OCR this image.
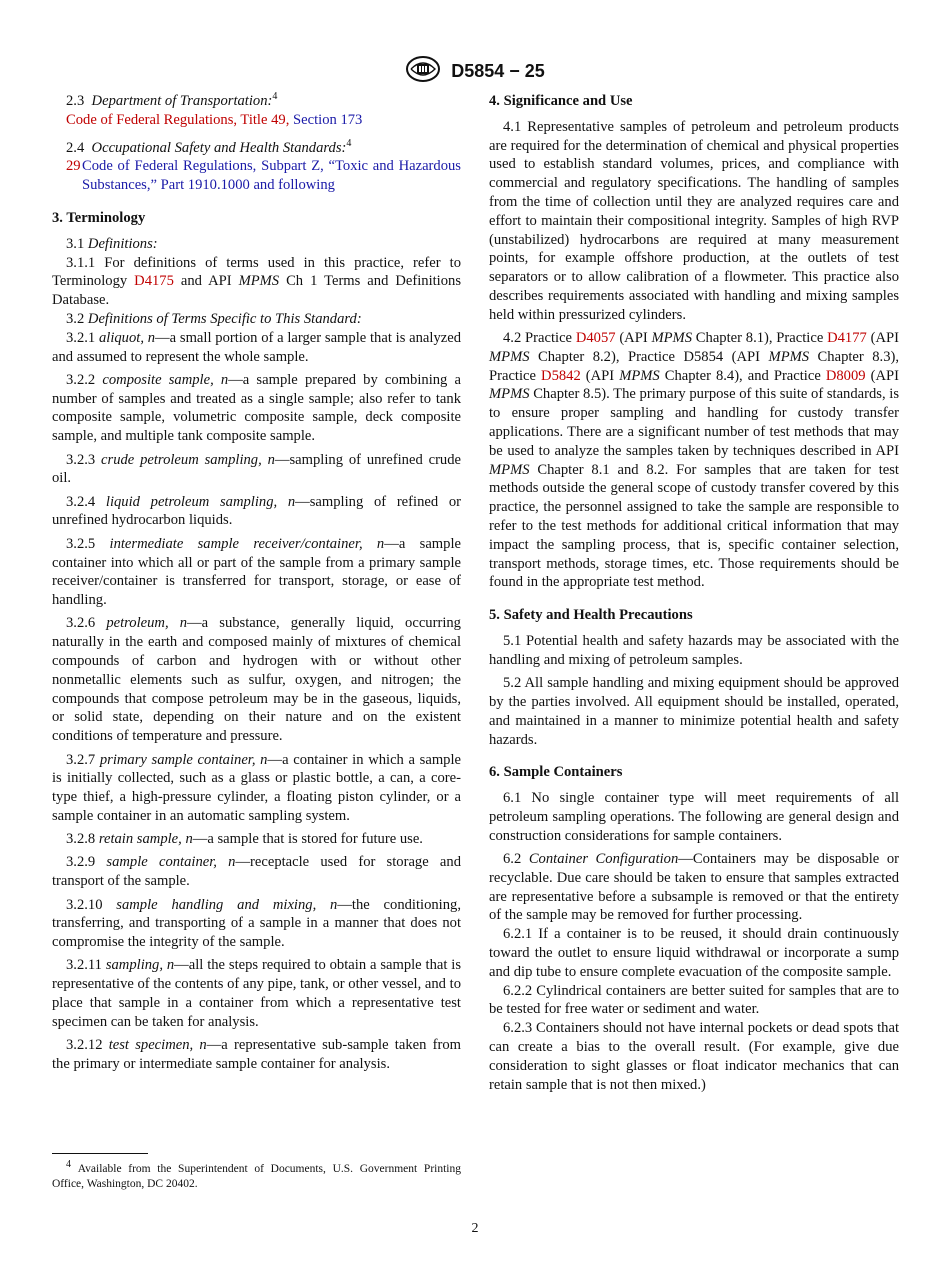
D5854 − 25

2.3 Department of Transportation:$^4$

Code of Federal Regulations, Title 49, Section 173

2.4 Occupational Safety and Health Standards:$^4$

29 Code of Federal Regulations, Subpart Z, “Toxic and Hazardous Substances,” Part 1910.1000 and following

3. Terminology

3.1 Definitions:

3.1.1 For definitions of terms used in this practice, refer to Terminology D4175 and API MPMS Ch 1 Terms and Definitions Database.

3.2 Definitions of Terms Specific to This Standard:

3.2.1 aliquot, n—a small portion of a larger sample that is analyzed and assumed to represent the whole sample.

3.2.2 composite sample, n—a sample prepared by combining a number of samples and treated as a single sample; also refer to tank composite sample, volumetric composite sample, deck composite sample, and multiple tank composite sample.

3.2.3 crude petroleum sampling, n—sampling of unrefined crude oil.

3.2.4 liquid petroleum sampling, n—sampling of refined or unrefined hydrocarbon liquids.

3.2.5 intermediate sample receiver/container, n—a sample container into which all or part of the sample from a primary sample receiver/container is transferred for transport, storage, or ease of handling.

3.2.6 petroleum, n—a substance, generally liquid, occurring naturally in the earth and composed mainly of mixtures of chemical compounds of carbon and hydrogen with or without other nonmetallic elements such as sulfur, oxygen, and nitrogen; the compounds that compose petroleum may be in the gaseous, liquids, or solid state, depending on their nature and on the existent conditions of temperature and pressure.

3.2.7 primary sample container, n—a container in which a sample is initially collected, such as a glass or plastic bottle, a can, a core-type thief, a high-pressure cylinder, a floating piston cylinder, or a sample container in an automatic sampling system.

3.2.8 retain sample, n—a sample that is stored for future use.

3.2.9 sample container, n—receptacle used for storage and transport of the sample.

3.2.10 sample handling and mixing, n—the conditioning, transferring, and transporting of a sample in a manner that does not compromise the integrity of the sample.

3.2.11 sampling, n—all the steps required to obtain a sample that is representative of the contents of any pipe, tank, or other vessel, and to place that sample in a container from which a representative test specimen can be taken for analysis.

3.2.12 test specimen, n—a representative sub-sample taken from the primary or intermediate sample container for analysis.

$^4$ Available from the Superintendent of Documents, U.S. Government Printing Office, Washington, DC 20402.

4. Significance and Use

4.1 Representative samples of petroleum and petroleum products are required for the determination of chemical and physical properties used to establish standard volumes, prices, and compliance with commercial and regulatory specifications. The handling of samples from the time of collection until they are analyzed requires care and effort to maintain their compositional integrity. Samples of high RVP (unstabilized) hydrocarbons are required at many measurement points, for example offshore production, at the outlets of test separators or to allow calibration of a flowmeter. This practice also describes requirements associated with handling and mixing samples held within pressurized cylinders.

4.2 Practice D4057 (API MPMS Chapter 8.1), Practice D4177 (API MPMS Chapter 8.2), Practice D5854 (API MPMS Chapter 8.3), Practice D5842 (API MPMS Chapter 8.4), and Practice D8009 (API MPMS Chapter 8.5). The primary purpose of this suite of standards, is to ensure proper sampling and handling for custody transfer applications. There are a significant number of test methods that may be used to analyze the samples taken by techniques described in API MPMS Chapter 8.1 and 8.2. For samples that are taken for test methods outside the general scope of custody transfer covered by this practice, the personnel assigned to take the sample are responsible to refer to the test methods for additional critical information that may impact the sampling process, that is, specific container selection, transport methods, storage times, etc. Those requirements should be found in the appropriate test method.

5. Safety and Health Precautions

5.1 Potential health and safety hazards may be associated with the handling and mixing of petroleum samples.

5.2 All sample handling and mixing equipment should be approved by the parties involved. All equipment should be installed, operated, and maintained in a manner to minimize potential health and safety hazards.

6. Sample Containers

6.1 No single container type will meet requirements of all petroleum sampling operations. The following are general design and construction considerations for sample containers.

6.2 Container Configuration—Containers may be disposable or recyclable. Due care should be taken to ensure that samples extracted are representative before a subsample is removed or that the entirety of the sample may be removed for further processing.

6.2.1 If a container is to be reused, it should drain continuously toward the outlet to ensure liquid withdrawal or incorporate a sump and dip tube to ensure complete evacuation of the composite sample.

6.2.2 Cylindrical containers are better suited for samples that are to be tested for free water or sediment and water.

6.2.3 Containers should not have internal pockets or dead spots that can create a bias to the overall result. (For example, give due consideration to sight glasses or float indicator mechanics that can retain sample that is not then mixed.)

2
